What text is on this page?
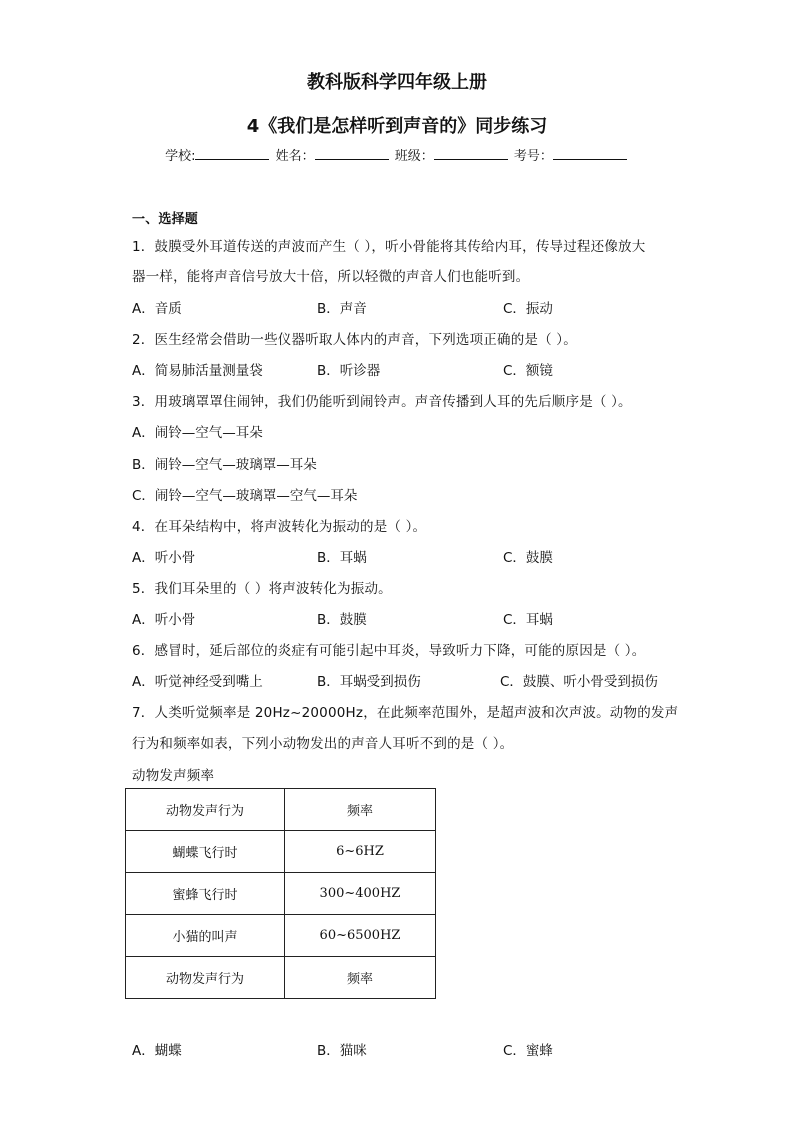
教科版科学四年级上册
4《我们是怎样听到声音的》同步练习
学校:	姓名：	班级：	考号：
一、选择题
1．鼓膜受外耳道传送的声波而产生（ ），听小骨能将其传给内耳，传导过程还像放大
器一样，能将声音信号放大十倍，所以轻微的声音人们也能听到。
A．音质	B．声音	C．振动
2．医生经常会借助一些仪器听取人体内的声音，下列选项正确的是（ ）。
A．简易肺活量测量袋	B．听诊器	C．额镜
3．用玻璃罩罩住闹钟，我们仍能听到闹铃声。声音传播到人耳的先后顺序是（ ）。
A．闹铃—空气—耳朵
B．闹铃—空气—玻璃罩—耳朵
C．闹铃—空气—玻璃罩—空气—耳朵
4．在耳朵结构中，将声波转化为振动的是（ ）。
A．听小骨	B．耳蜗	C．鼓膜
5．我们耳朵里的（ ）将声波转化为振动。
A．听小骨	B．鼓膜	C．耳蜗
6．感冒时，延后部位的炎症有可能引起中耳炎，导致听力下降，可能的原因是（ ）。
A．听觉神经受到嘴上	B．耳蜗受到损伤	C．鼓膜、听小骨受到损伤
7．人类听觉频率是 20Hz~20000Hz，在此频率范围外，是超声波和次声波。动物的发声
行为和频率如表，下列小动物发出的声音人耳听不到的是（ ）。
动物发声频率
动物发声行为	频率
蝴蝶飞行时	6~6HZ
蜜蜂飞行时	300~400HZ
小猫的叫声	60~6500HZ
动物发声行为	频率
A．蝴蝶	B．猫咪	C．蜜蜂
